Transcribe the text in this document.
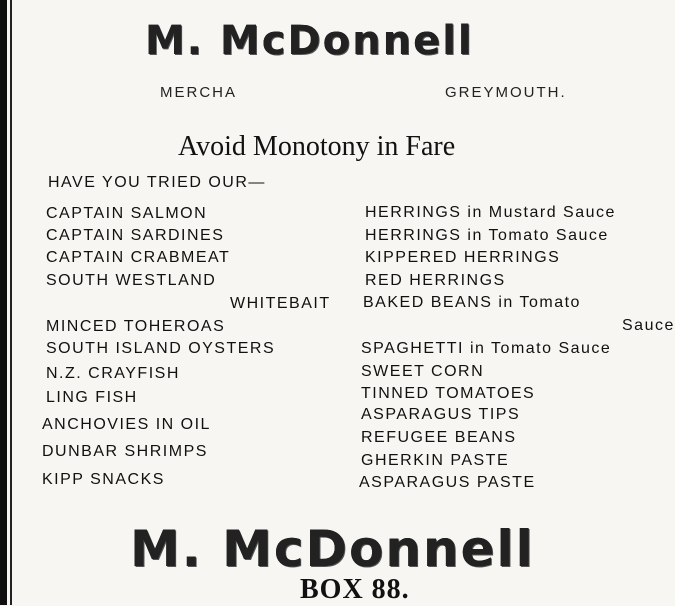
M. McDonnell
MERCHA	GREYMOUTH.
Avoid Monotony in Fare
HAVE YOU TRIED OUR—
CAPTAIN SALMON
CAPTAIN SARDINES
CAPTAIN CRABMEAT
SOUTH WESTLAND
WHITEBAIT
MINCED TOHEROAS
SOUTH ISLAND OYSTERS
N.Z. CRAYFISH
LING FISH
ANCHOVIES IN OIL
DUNBAR SHRIMPS
KIPP SNACKS
HERRINGS in Mustard Sauce
HERRINGS in Tomato Sauce
KIPPERED HERRINGS
RED HERRINGS
BAKED BEANS in Tomato
Sauce
SPAGHETTI in Tomato Sauce
SWEET CORN
TINNED TOMATOES
ASPARAGUS TIPS
REFUGEE BEANS
GHERKIN PASTE
ASPARAGUS PASTE
M. McDonnell
BOX 88.
